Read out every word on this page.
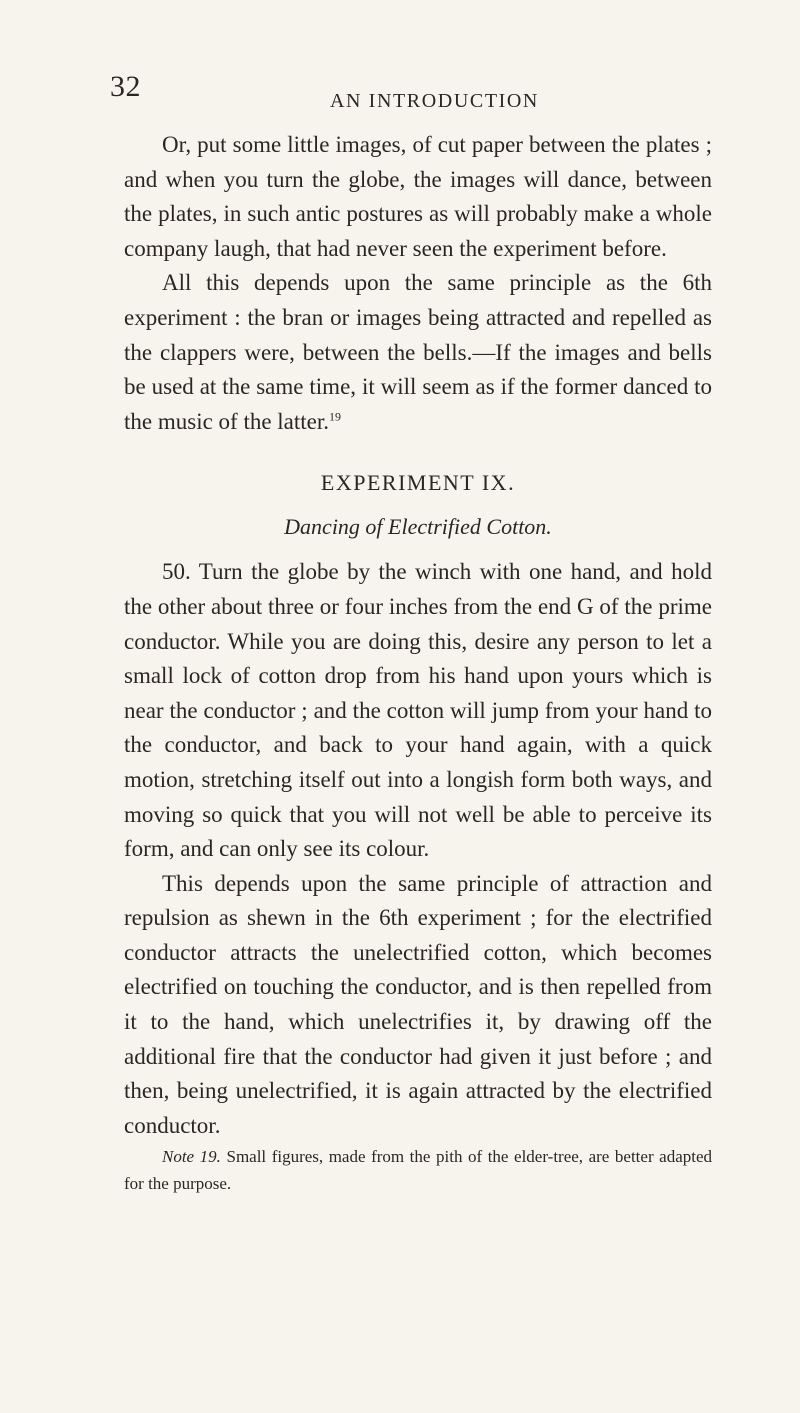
32	AN INTRODUCTION

Or, put some little images, of cut paper between the plates ; and when you turn the globe, the images will dance, between the plates, in such antic postures as will probably make a whole company laugh, that had never seen the experiment before.

All this depends upon the same principle as the 6th experiment : the bran or images being attracted and repelled as the clappers were, between the bells.—If the images and bells be used at the same time, it will seem as if the former danced to the music of the latter.$^{19}$

EXPERIMENT IX.
Dancing of Electrified Cotton.

50. Turn the globe by the winch with one hand, and hold the other about three or four inches from the end G of the prime conductor. While you are doing this, desire any person to let a small lock of cotton drop from his hand upon yours which is near the conductor ; and the cotton will jump from your hand to the conductor, and back to your hand again, with a quick motion, stretching itself out into a longish form both ways, and moving so quick that you will not well be able to perceive its form, and can only see its colour.

This depends upon the same principle of attraction and repulsion as shewn in the 6th experiment ; for the electrified conductor attracts the unelectrified cotton, which becomes electrified on touching the conductor, and is then repelled from it to the hand, which unelectrifies it, by drawing off the additional fire that the conductor had given it just before ; and then, being unelectrified, it is again attracted by the electrified conductor.

Note 19. Small figures, made from the pith of the elder-tree, are better adapted for the purpose.
